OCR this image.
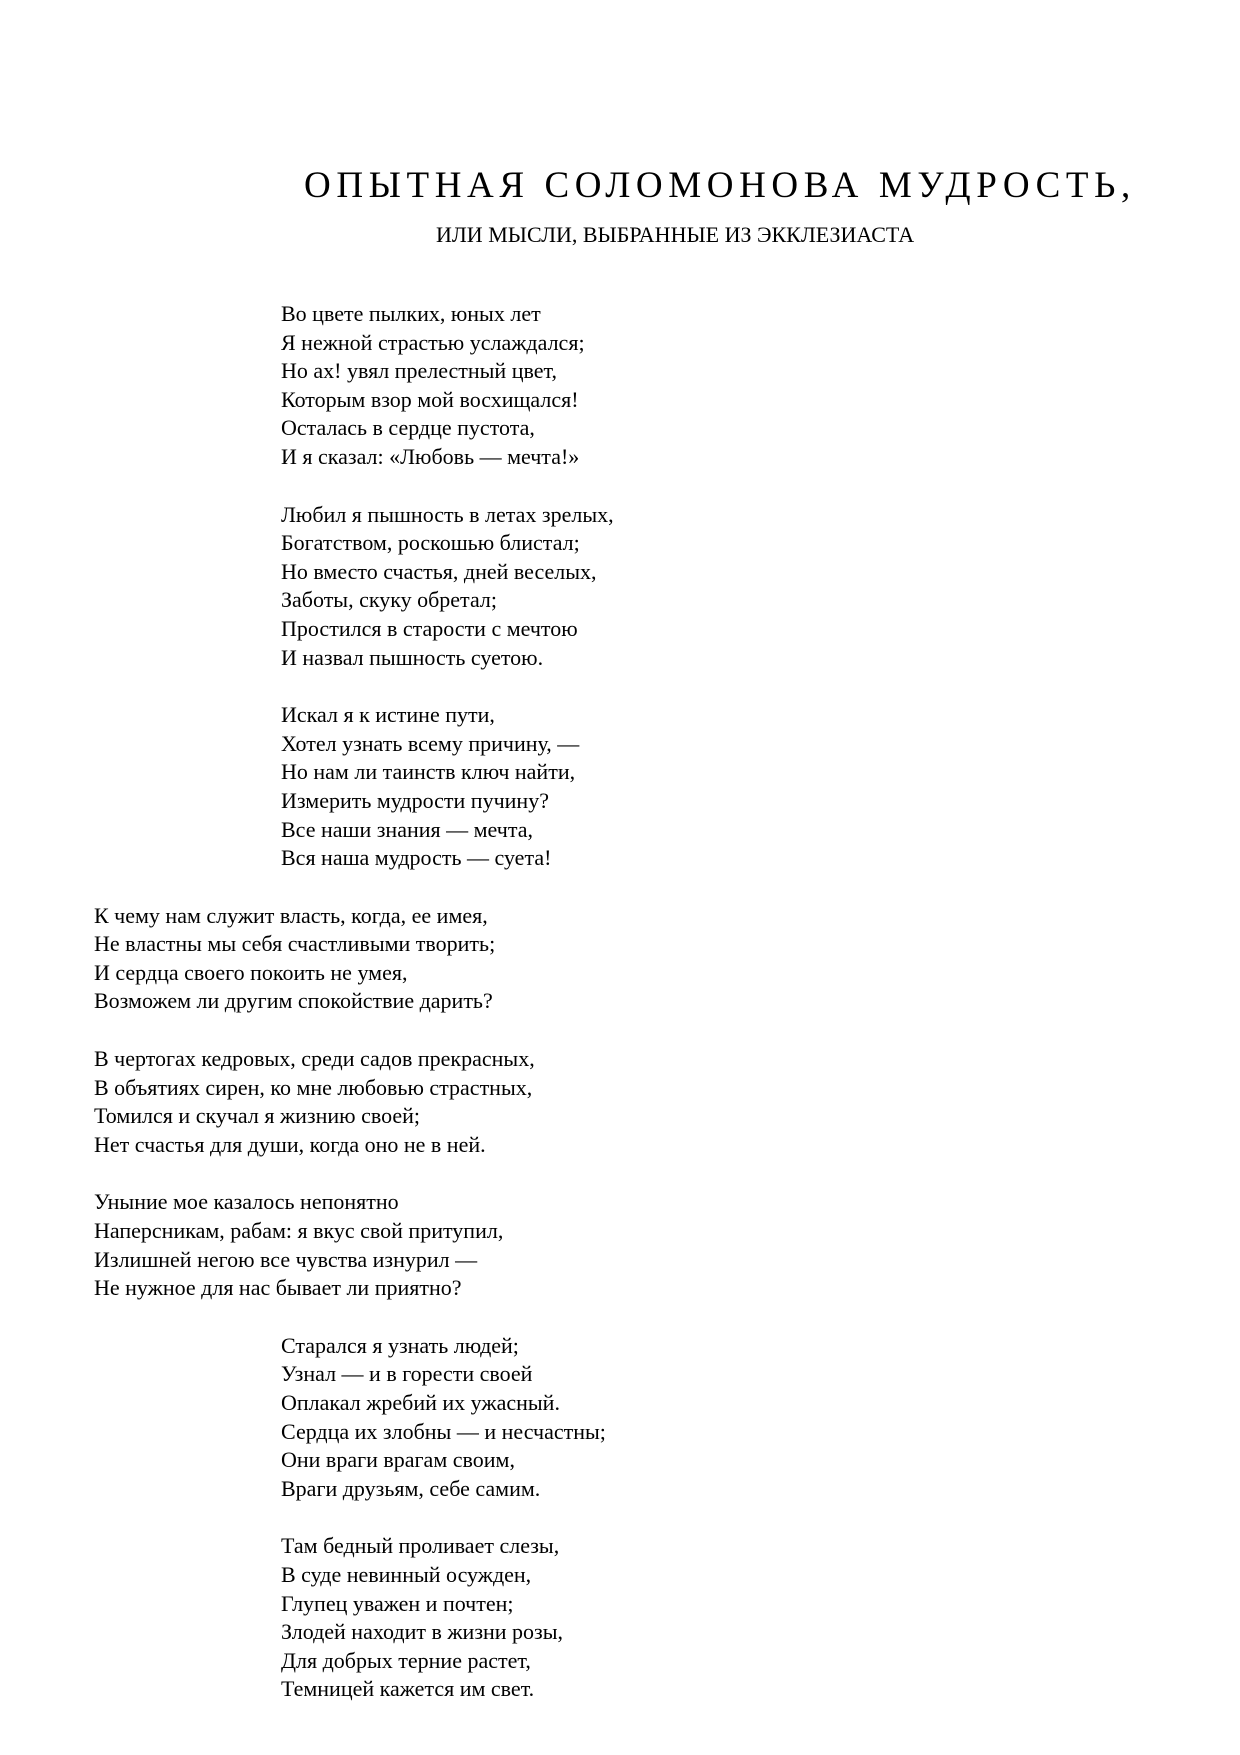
ОПЫТНАЯ СОЛОМОНОВА МУДРОСТЬ,
ИЛИ МЫСЛИ, ВЫБРАННЫЕ ИЗ ЭККЛЕЗИАСТА
Во цвете пылких, юных лет
Я нежной страстью услаждался;
Но ах! увял прелестный цвет,
Которым взор мой восхищался!
Осталась в сердце пустота,
И я сказал: «Любовь — мечта!»
Любил я пышность в летах зрелых,
Богатством, роскошью блистал;
Но вместо счастья, дней веселых,
Заботы, скуку обретал;
Простился в старости с мечтою
И назвал пышность суетою.
Искал я к истине пути,
Хотел узнать всему причину, —
Но нам ли таинств ключ найти,
Измерить мудрости пучину?
Все наши знания — мечта,
Вся наша мудрость — суета!
К чему нам служит власть, когда, ее имея,
Не властны мы себя счастливыми творить;
И сердца своего покоить не умея,
Возможем ли другим спокойствие дарить?
В чертогах кедровых, среди садов прекрасных,
В объятиях сирен, ко мне любовью страстных,
Томился и скучал я жизнию своей;
Нет счастья для души, когда оно не в ней.
Уныние мое казалось непонятно
Наперсникам, рабам: я вкус свой притупил,
Излишней негою все чувства изнурил —
Не нужное для нас бывает ли приятно?
Старался я узнать людей;
Узнал — и в горести своей
Оплакал жребий их ужасный.
Сердца их злобны — и несчастны;
Они враги врагам своим,
Враги друзьям, себе самим.
Там бедный проливает слезы,
В суде невинный осужден,
Глупец уважен и почтен;
Злодей находит в жизни розы,
Для добрых терние растет,
Темницей кажется им свет.
